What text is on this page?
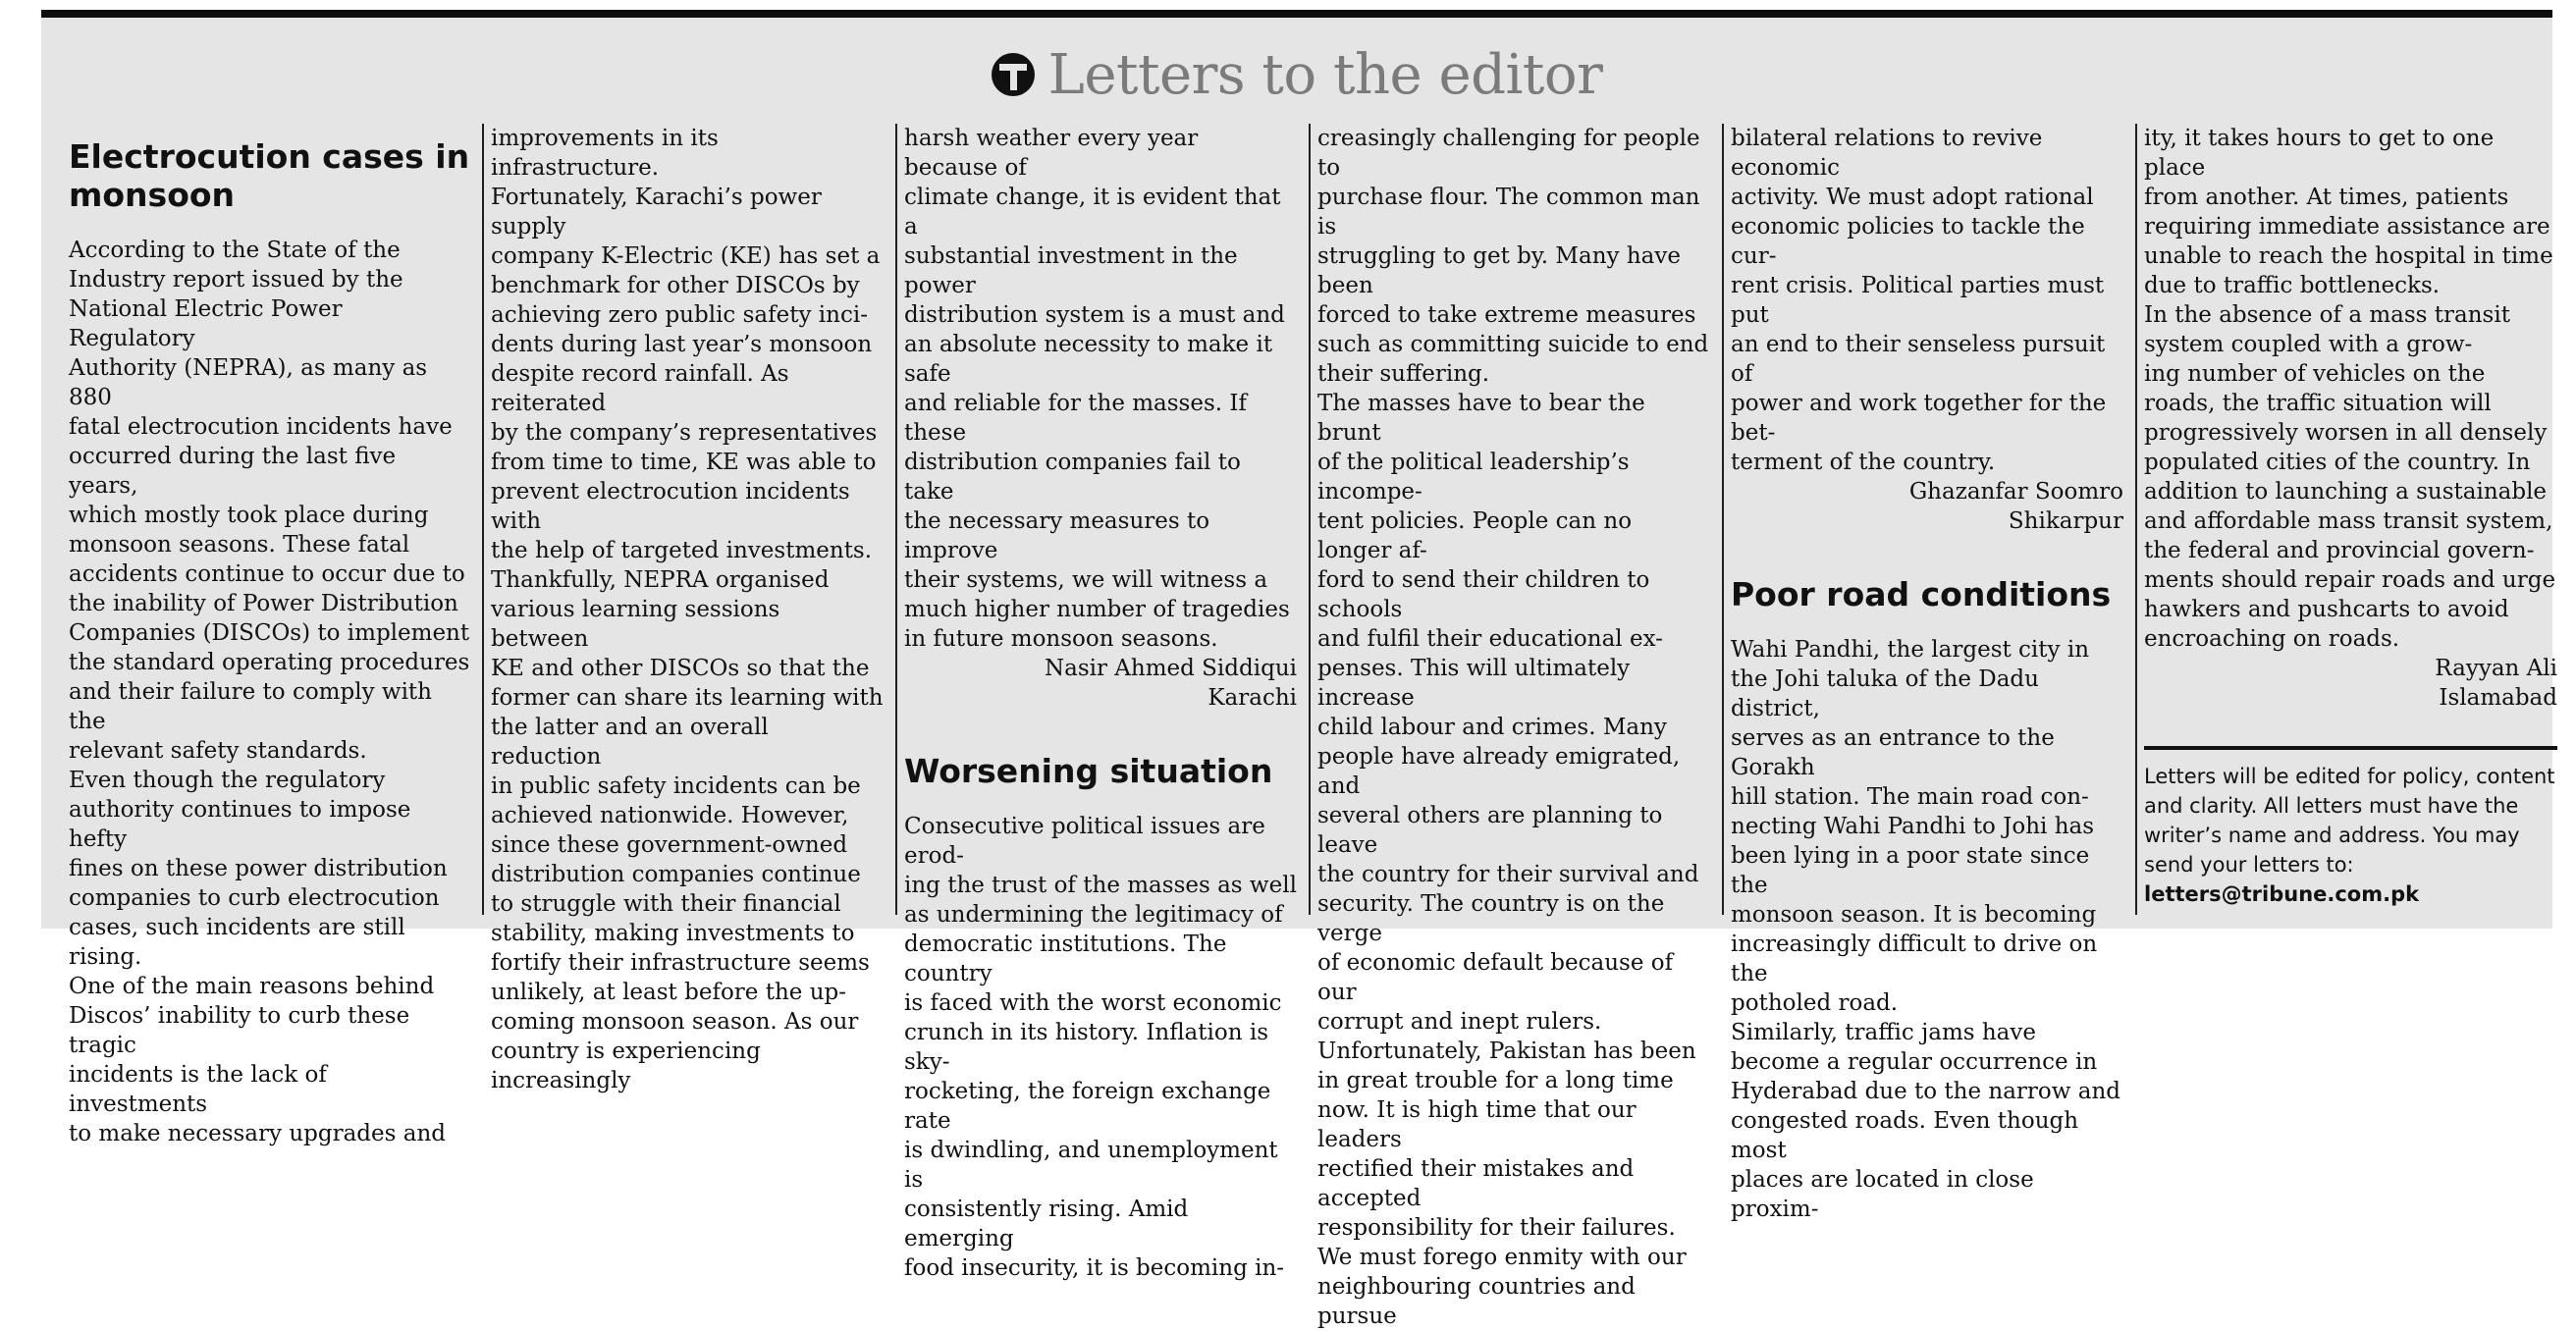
Letters to the editor
Electrocution cases in monsoon

According to the State of the
Industry report issued by the
National Electric Power Regulatory
Authority (NEPRA), as many as 880
fatal electrocution incidents have
occurred during the last five years,
which mostly took place during
monsoon seasons. These fatal
accidents continue to occur due to
the inability of Power Distribution
Companies (DISCOs) to implement
the standard operating procedures
and their failure to comply with the
relevant safety standards.
Even though the regulatory
authority continues to impose hefty
fines on these power distribution
companies to curb electrocution
cases, such incidents are still rising.
One of the main reasons behind
Discos’ inability to curb these tragic
incidents is the lack of investments
to make necessary upgrades and

improvements in its infrastructure.
Fortunately, Karachi’s power supply
company K-Electric (KE) has set a
benchmark for other DISCOs by
achieving zero public safety inci-
dents during last year’s monsoon
despite record rainfall. As reiterated
by the company’s representatives
from time to time, KE was able to
prevent electrocution incidents with
the help of targeted investments.
Thankfully, NEPRA organised
various learning sessions between
KE and other DISCOs so that the
former can share its learning with
the latter and an overall reduction
in public safety incidents can be
achieved nationwide. However,
since these government-owned
distribution companies continue
to struggle with their financial
stability, making investments to
fortify their infrastructure seems
unlikely, at least before the up-
coming monsoon season. As our
country is experiencing increasingly

harsh weather every year because of
climate change, it is evident that a
substantial investment in the power
distribution system is a must and
an absolute necessity to make it safe
and reliable for the masses. If these
distribution companies fail to take
the necessary measures to improve
their systems, we will witness a
much higher number of tragedies
in future monsoon seasons.

Nasir Ahmed Siddiqui
Karachi
Worsening situation

Consecutive political issues are erod-
ing the trust of the masses as well
as undermining the legitimacy of
democratic institutions. The country
is faced with the worst economic
crunch in its history. Inflation is sky-
rocketing, the foreign exchange rate
is dwindling, and unemployment is
consistently rising. Amid emerging
food insecurity, it is becoming in-

creasingly challenging for people to
purchase flour. The common man is
struggling to get by. Many have been
forced to take extreme measures
such as committing suicide to end
their suffering.
The masses have to bear the brunt
of the political leadership’s incompe-
tent policies. People can no longer af-
ford to send their children to schools
and fulfil their educational ex-
penses. This will ultimately increase
child labour and crimes. Many
people have already emigrated, and
several others are planning to leave
the country for their survival and
security. The country is on the verge
of economic default because of our
corrupt and inept rulers.
Unfortunately, Pakistan has been
in great trouble for a long time
now. It is high time that our leaders
rectified their mistakes and accepted
responsibility for their failures.
We must forego enmity with our
neighbouring countries and pursue

bilateral relations to revive economic
activity. We must adopt rational
economic policies to tackle the cur-
rent crisis. Political parties must put
an end to their senseless pursuit of
power and work together for the bet-
terment of the country.

Ghazanfar Soomro
Shikarpur
Poor road conditions

Wahi Pandhi, the largest city in
the Johi taluka of the Dadu district,
serves as an entrance to the Gorakh
hill station. The main road con-
necting Wahi Pandhi to Johi has
been lying in a poor state since the
monsoon season. It is becoming
increasingly difficult to drive on the
potholed road.
Similarly, traffic jams have
become a regular occurrence in
Hyderabad due to the narrow and
congested roads. Even though most
places are located in close proxim-

ity, it takes hours to get to one place
from another. At times, patients
requiring immediate assistance are
unable to reach the hospital in time
due to traffic bottlenecks.
In the absence of a mass transit
system coupled with a grow-
ing number of vehicles on the
roads, the traffic situation will
progressively worsen in all densely
populated cities of the country. In
addition to launching a sustainable
and affordable mass transit system,
the federal and provincial govern-
ments should repair roads and urge
hawkers and pushcarts to avoid
encroaching on roads.

Rayyan Ali
Islamabad
Letters will be edited for policy, content
and clarity. All letters must have the
writer’s name and address. You may
send your letters to:
letters@tribune.com.pk
